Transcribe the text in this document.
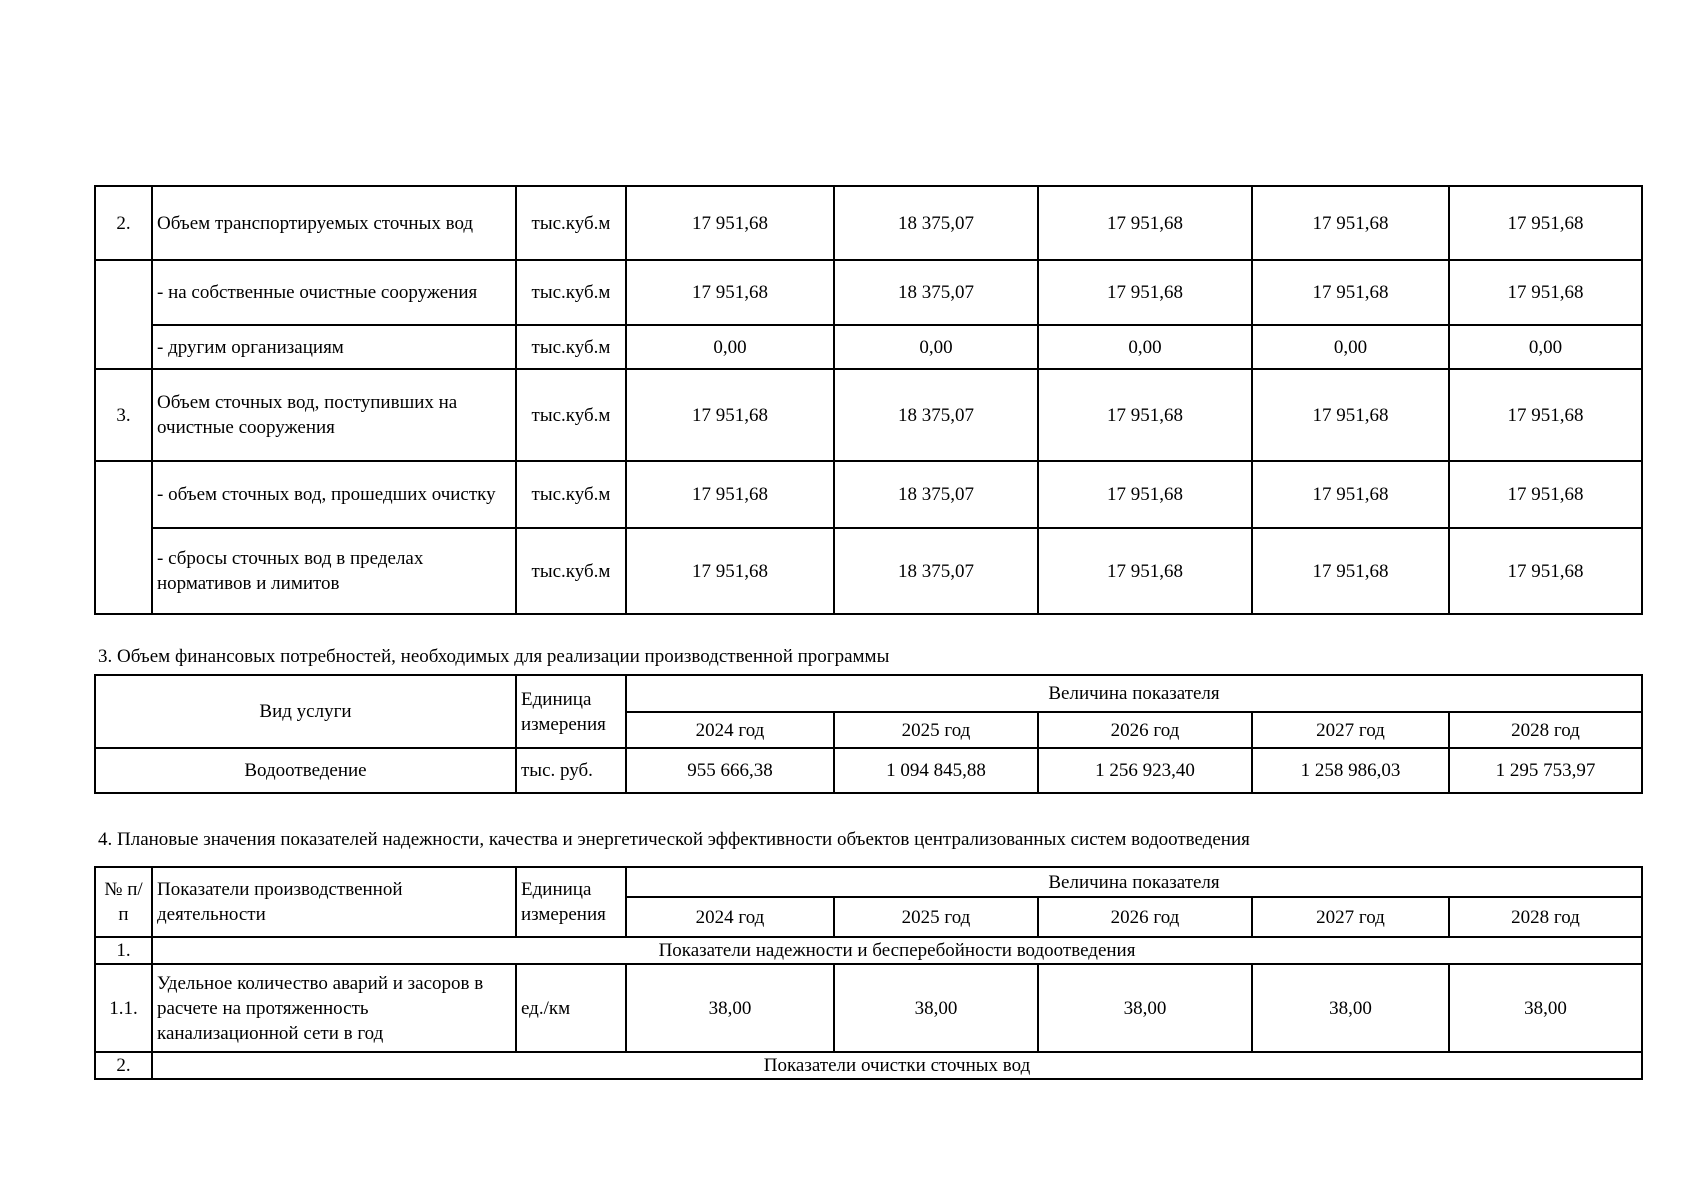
2.	Объем транспортируемых сточных вод	тыс.куб.м	17 951,68	18 375,07	17 951,68	17 951,68	17 951,68
	- на собственные очистные сооружения	тыс.куб.м	17 951,68	18 375,07	17 951,68	17 951,68	17 951,68
	- другим организациям	тыс.куб.м	0,00	0,00	0,00	0,00	0,00
3.	Объем сточных вод, поступивших на очистные сооружения	тыс.куб.м	17 951,68	18 375,07	17 951,68	17 951,68	17 951,68
	- объем сточных вод, прошедших очистку	тыс.куб.м	17 951,68	18 375,07	17 951,68	17 951,68	17 951,68
	- сбросы сточных вод в пределах нормативов и лимитов	тыс.куб.м	17 951,68	18 375,07	17 951,68	17 951,68	17 951,68
3. Объем финансовых потребностей, необходимых для реализации производственной программы
Вид услуги	Единица измерения	Величина показателя				
		2024 год	2025 год	2026 год	2027 год	2028 год
Водоотведение	тыс. руб.	955 666,38	1 094 845,88	1 256 923,40	1 258 986,03	1 295 753,97
4. Плановые значения показателей надежности, качества и энергетической эффективности объектов централизованных систем водоотведения
№ п/п	Показатели производственной деятельности	Единица измерения	Величина показателя				
			2024 год	2025 год	2026 год	2027 год	2028 год
1.	Показатели надежности и бесперебойности водоотведения						
1.1.	Удельное количество аварий и засоров в расчете на протяженность канализационной сети в год	ед./км	38,00	38,00	38,00	38,00	38,00
2.	Показатели очистки сточных вод						
